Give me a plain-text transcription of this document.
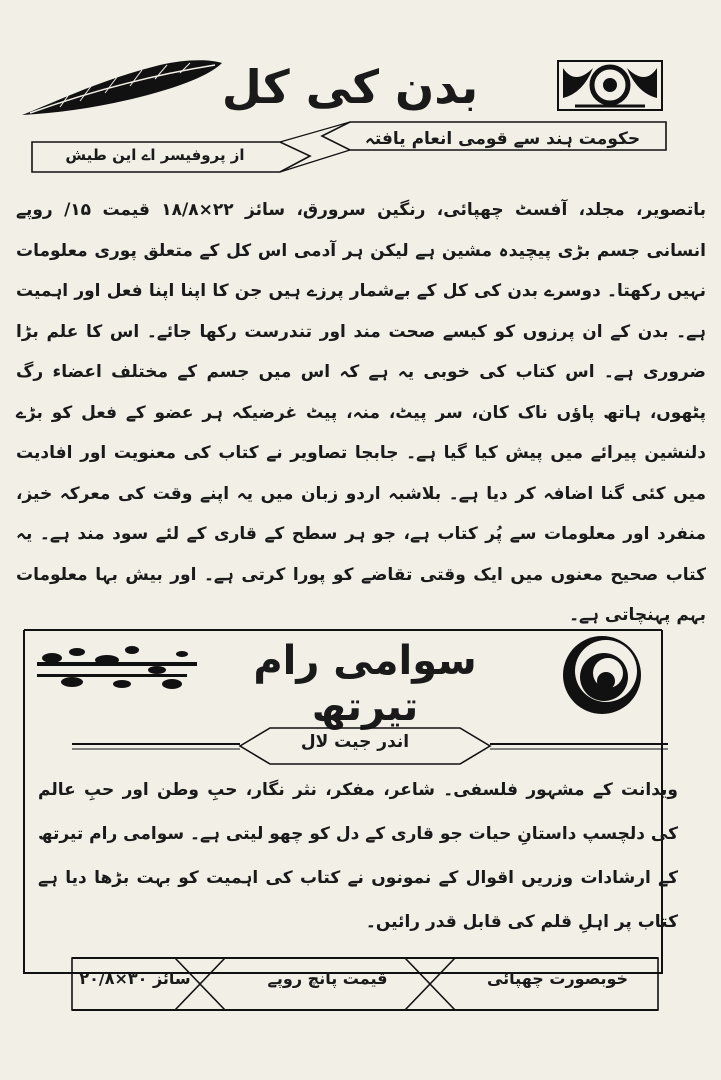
بدن کی کل
حکومت ہند سے قومی انعام یافتہ
از پروفیسر اے این طیش
باتصویر، مجلد، آفسٹ چھپائی، رنگین سرورق، سائز ۲۲×۱۸/۸ قیمت ۱۵/ روپے انسانی جسم بڑی پیچیدہ مشین ہے لیکن ہر آدمی اس کل کے متعلق پوری معلومات نہیں رکھتا۔ دوسرے بدن کی کل کے بےشمار پرزے ہیں جن کا اپنا اپنا فعل اور اہمیت ہے۔ بدن کے ان پرزوں کو کیسے صحت مند اور تندرست رکھا جائے۔ اس کا علم بڑا ضروری ہے۔ اس کتاب کی خوبی یہ ہے کہ اس میں جسم کے مختلف اعضاء رگ پٹھوں، ہاتھ پاؤں ناک کان، سر پیٹ، منہ، پیٹ غرضیکہ ہر عضو کے فعل کو بڑے دلنشین پیرائے میں پیش کیا گیا ہے۔ جابجا تصاویر نے کتاب کی معنویت اور افادیت میں کئی گنا اضافہ کر دیا ہے۔ بلاشبہ اردو زبان میں یہ اپنے وقت کی معرکہ خیز، منفرد اور معلومات سے پُر کتاب ہے، جو ہر سطح کے قاری کے لئے سود مند ہے۔ یہ کتاب صحیح معنوں میں ایک وقتی تقاضے کو پورا کرتی ہے۔ اور بیش بہا معلومات بہم پہنچاتی ہے۔
سوامی رام تیرتھ
اندر جیت لال
ویدانت کے مشہور فلسفی۔ شاعر، مفکر، نثر نگار، حبِ وطن اور حبِ عالم کی دلچسپ داستانِ حیات جو قاری کے دل کو چھو لیتی ہے۔ سوامی رام تیرتھ کے ارشادات وزریں اقوال کے نمونوں نے کتاب کی اہمیت کو بہت بڑھا دیا ہے کتاب پر اہلِ قلم کی قابل قدر رائیں۔
خوبصورت چھپائی
قیمت پانچ روپے
سائز ۳۰×۲۰/۸
